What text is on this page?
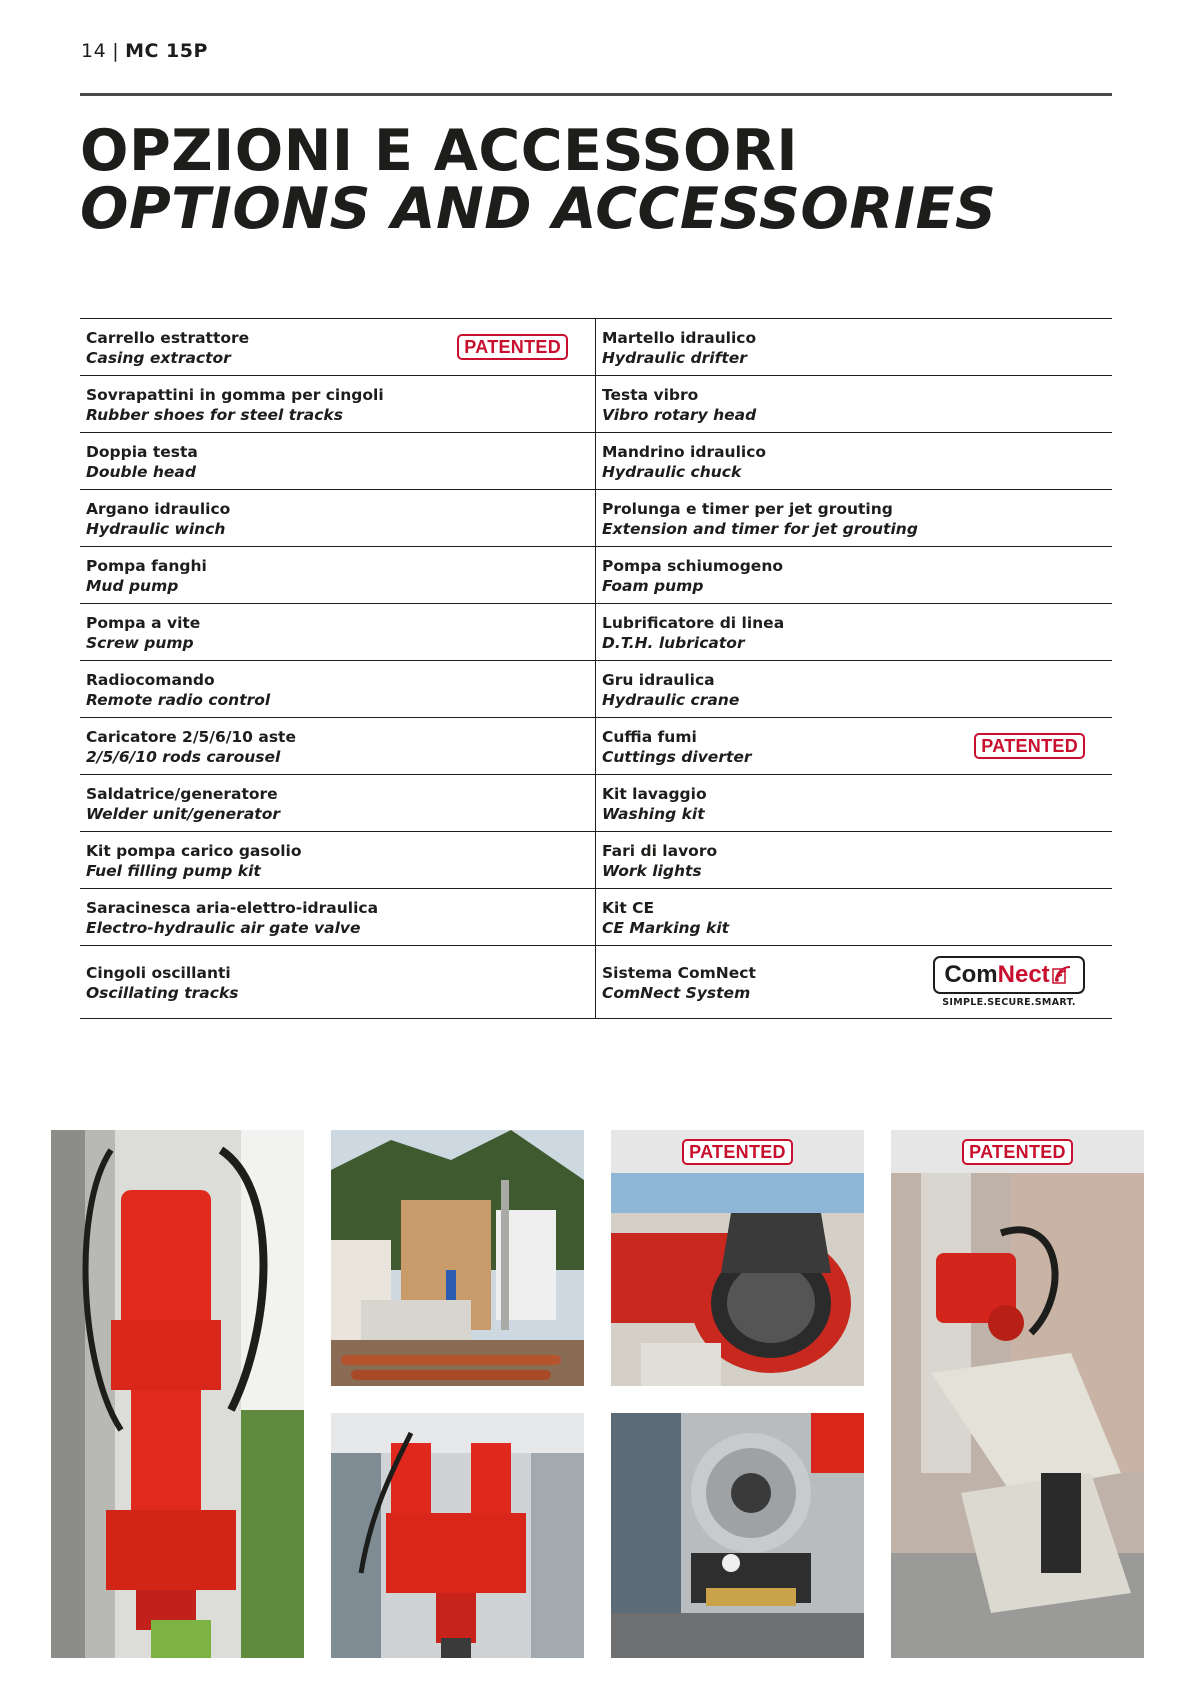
14 | MC 15P
OPZIONI E ACCESSORI
OPTIONS AND ACCESSORIES
Carrello estrattore
Casing extractor
PATENTED	Martello idraulico
Hydraulic drifter
Sovrapattini in gomma per cingoli
Rubber shoes for steel tracks
Testa vibro
Vibro rotary head
Doppia testa
Double head
Mandrino idraulico
Hydraulic chuck
Argano idraulico
Hydraulic winch
Prolunga e timer per jet grouting
Extension and timer for jet grouting
Pompa fanghi
Mud pump
Pompa schiumogeno
Foam pump
Pompa a vite
Screw pump
Lubrificatore di linea
D.T.H. lubricator
Radiocomando
Remote radio control
Gru idraulica
Hydraulic crane
Caricatore 2/5/6/10 aste
2/5/6/10 rods carousel
Cuffia fumi
Cuttings diverter
PATENTED
Saldatrice/generatore
Welder unit/generator
Kit lavaggio
Washing kit
Kit pompa carico gasolio
Fuel filling pump kit
Fari di lavoro
Work lights
Saracinesca aria-elettro-idraulica
Electro-hydraulic air gate valve
Kit CE
CE Marking kit
Cingoli oscillanti
Oscillating tracks
Sistema ComNect
ComNect System
Com Nect
SIMPLE.SECURE.SMART.
PATENTED	PATENTED
